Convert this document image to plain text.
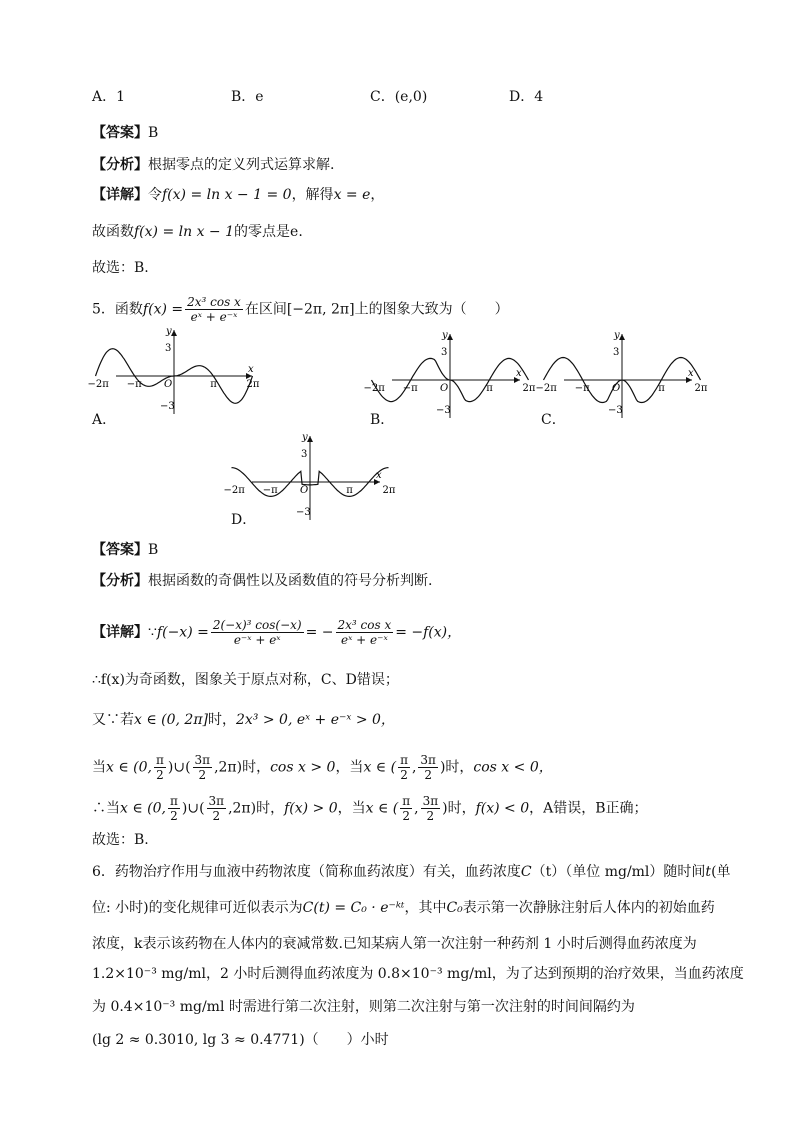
A．1	B．e	C．(e,0)	D．4
【答案】B
【分析】根据零点的定义列式运算求解.
【详解】令f(x) = ln x − 1 = 0，解得x = e，
故函数f(x) = ln x − 1的零点是e.
故选：B.
5．函数$f(x) = \frac{\text{2x³ cos x}}{\text{eˣ + e⁻ˣ}}$ 在区间[−2π, 2π]上的图象大致为（　　）
y
x
3
−3
O
−2π −π	π	2π
A．
y
x
3
−3
O
−2π −π	π	2π
B．
y
x
3
−3
O
−2π −π	π	2π
C．
y
x
3
−3
O
−2π −π	π	2π
D．
【答案】B
【分析】根据函数的奇偶性以及函数值的符号分析判断.
【详解】∵f(−x) = $\frac{\text{2(−x)³ cos(−x)}}{\text{e⁻ˣ + eˣ}}$ = − $\frac{\text{2x³ cos x}}{\text{eˣ + e⁻ˣ}} = -f(x)$，
∴f(x)为奇函数，图象关于原点对称，C、D错误；
又∵若x ∈ (0, 2π]时，2x³ > 0, eˣ + e⁻ˣ > 0，
当x ∈ (0, $\frac{\pi}{2}$ )∪( $\frac{3\pi}{2} ,2\pi$)时，cos x > 0，当x ∈ ( $\frac{\pi}{2}$ , $\frac{3\pi}{2}$ )时，cos x < 0，
∴当x ∈ (0, $\frac{\pi}{2}$ )∪( $\frac{3\pi}{2} ,2\pi$)时，f(x) > 0，当x ∈ ( $\frac{\pi}{2}$ , $\frac{3\pi}{2}$ )时，f(x) < 0，A错误，B正确；
故选：B.
6．药物治疗作用与血液中药物浓度（简称血药浓度）有关，血药浓度C（t）（单位 mg/ml）随时间t(单
位: 小时)的变化规律可近似表示为C(t) = C₀ · e⁻ᵏᵗ，其中C₀表示第一次静脉注射后人体内的初始血药
浓度，k表示该药物在人体内的衰减常数.已知某病人第一次注射一种药剂 1 小时后测得血药浓度为
1.2×10⁻³ mg/ml，2 小时后测得血药浓度为 0.8×10⁻³ mg/ml，为了达到预期的治疗效果，当血药浓度
为 0.4×10⁻³ mg/ml 时需进行第二次注射，则第二次注射与第一次注射的时间间隔约为
(lg 2 ≈ 0.3010, lg 3 ≈ 0.4771)（　　）小时
